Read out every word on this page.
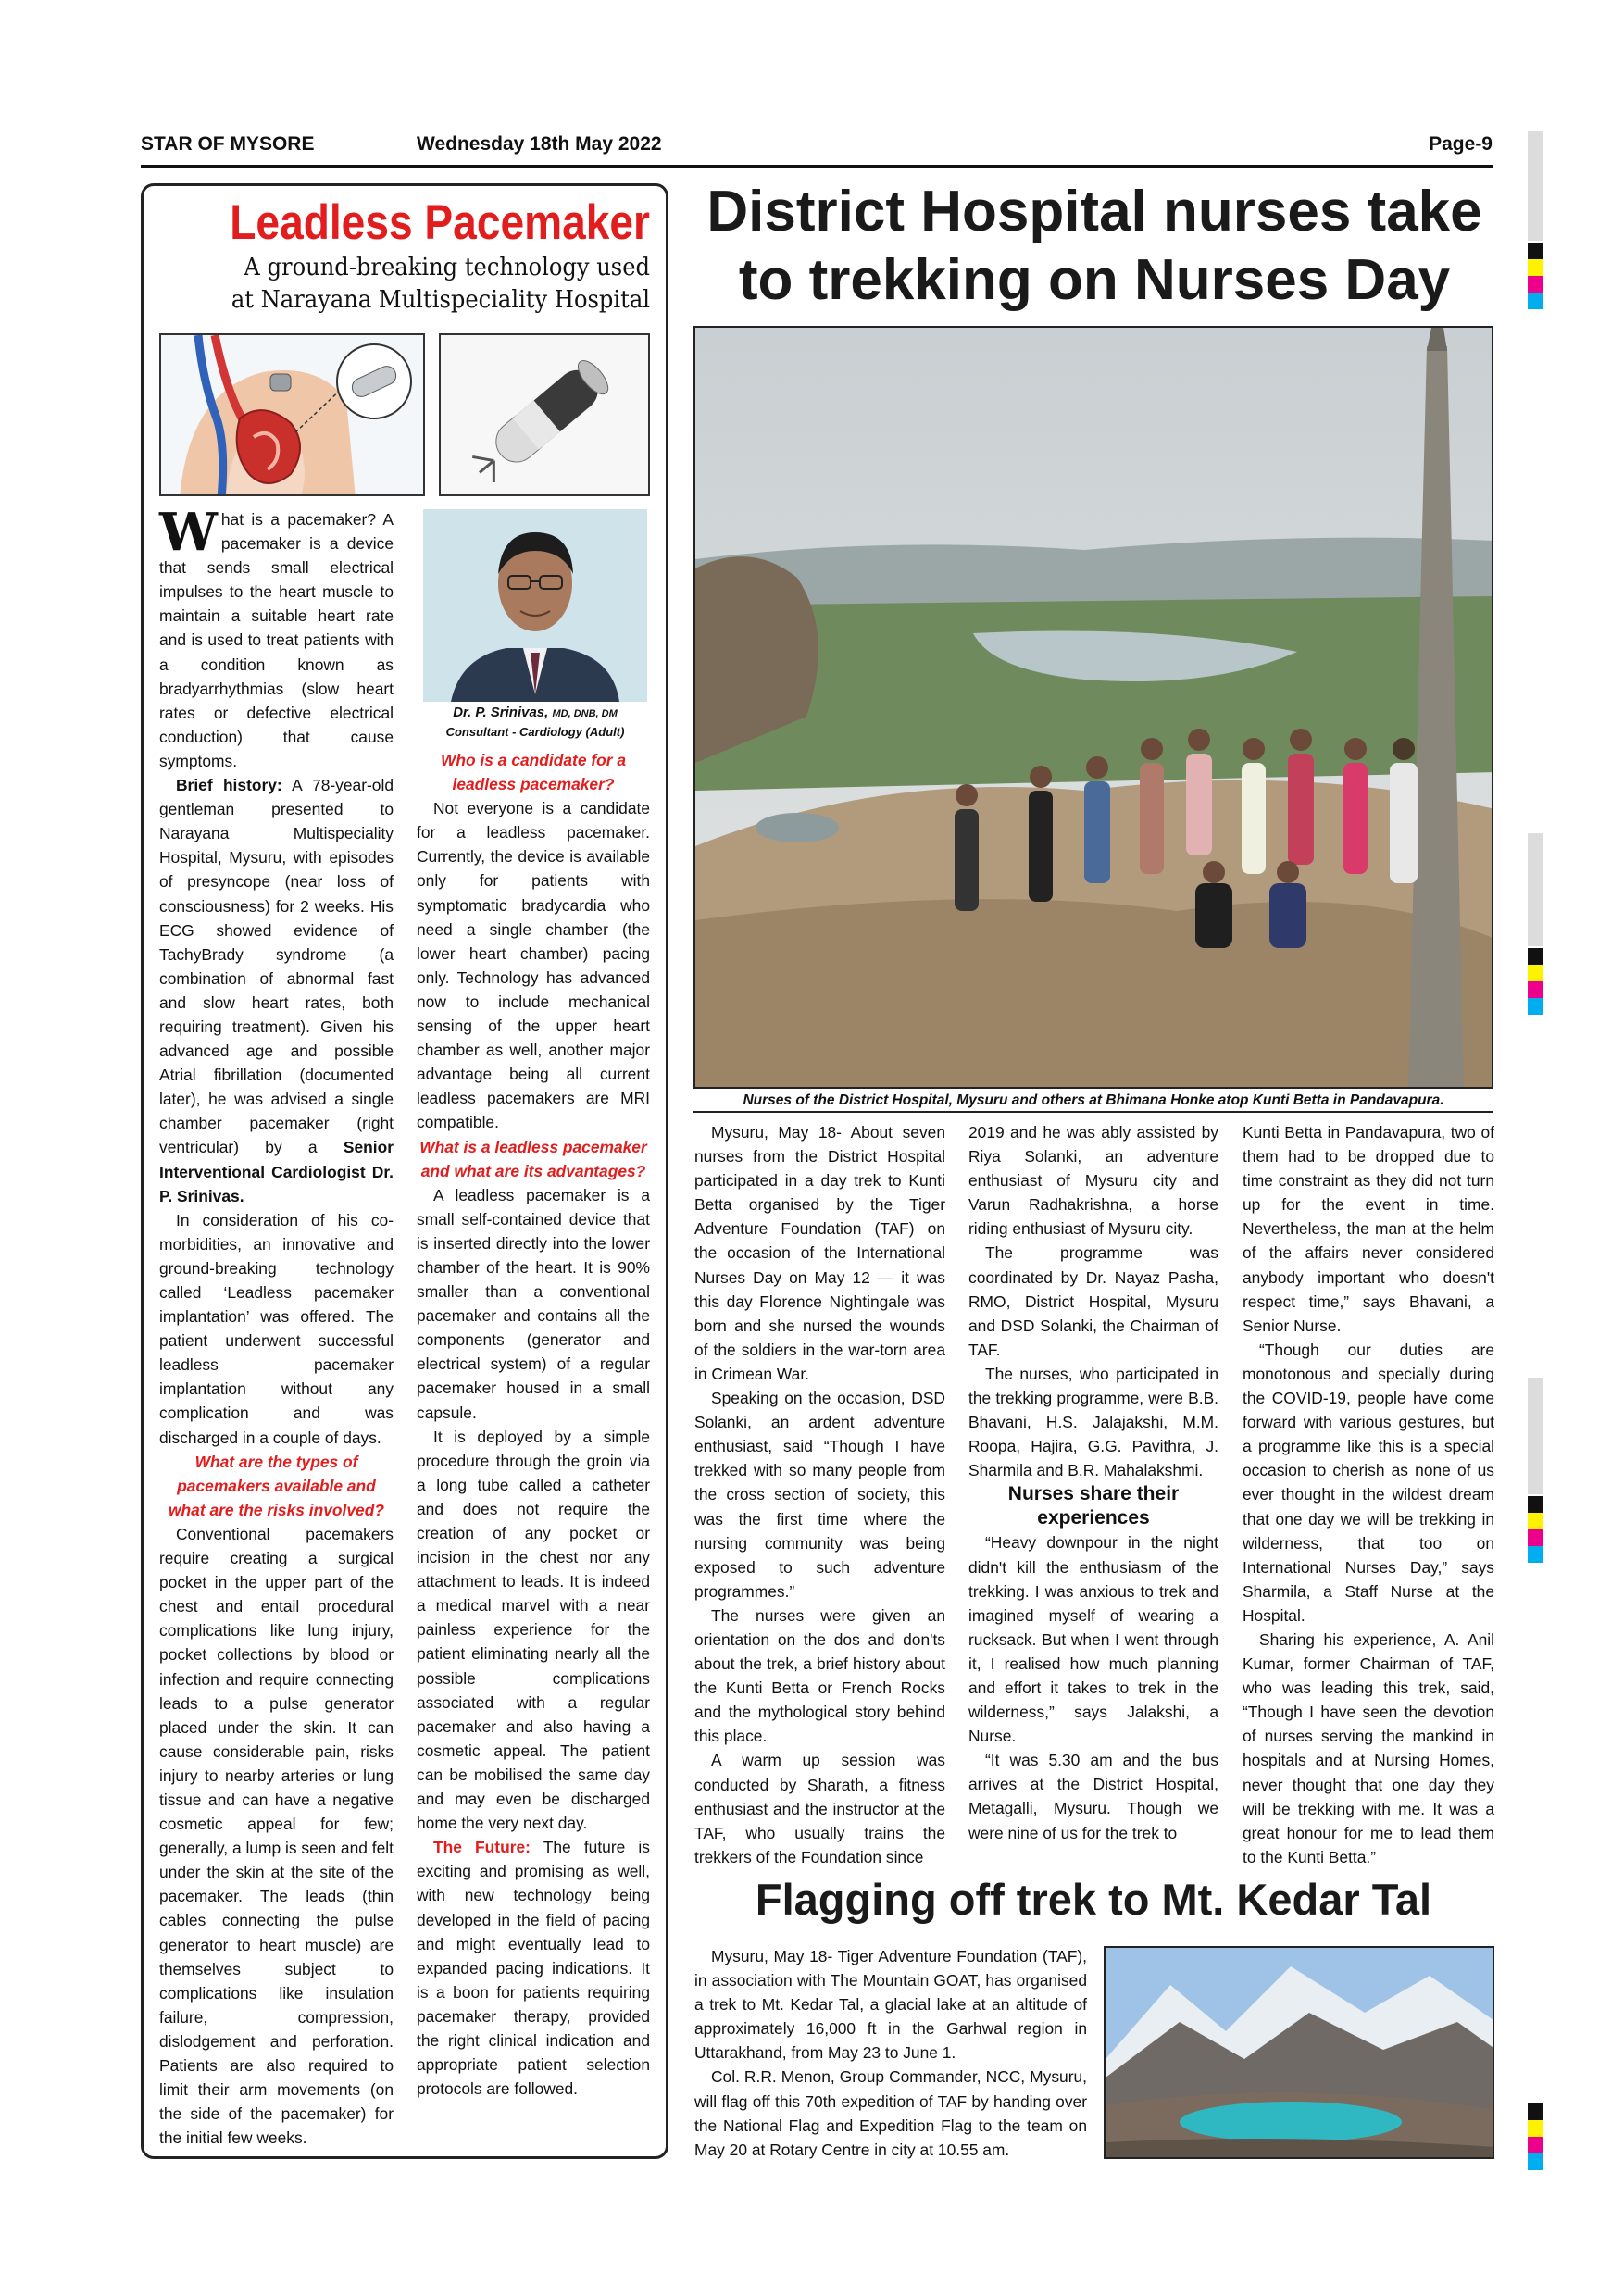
STAR OF MYSORE	Wednesday 18th May 2022	Page-9
Leadless Pacemaker
A ground-breaking technology used
at Narayana Multispeciality Hospital
Dr. P. Srinivas, MD, DNB, DM
Consultant - Cardiology (Adult)

What is a pacemaker? A pacemaker is a device that sends small electrical impulses to the heart muscle to maintain a suitable heart rate and is used to treat patients with a condition known as bradyarrhythmias (slow heart rates or defective electrical conduction) that cause symptoms.

Brief history: A 78-year-old gentleman presented to Narayana Multispeciality Hospital, Mysuru, with episodes of presyncope (near loss of consciousness) for 2 weeks. His ECG showed evidence of TachyBrady syndrome (a combination of abnormal fast and slow heart rates, both requiring treatment). Given his advanced age and possible Atrial fibrillation (documented later), he was advised a single chamber pacemaker (right ventricular) by a Senior Interventional Cardiologist Dr. P. Srinivas.

In consideration of his co-morbidities, an innovative and ground-breaking technology called ‘Leadless pacemaker implantation’ was offered. The patient underwent successful leadless pacemaker implantation without any complication and was discharged in a couple of days.

What are the types of pacemakers available and what are the risks involved?

Conventional pacemakers require creating a surgical pocket in the upper part of the chest and entail procedural complications like lung injury, pocket collections by blood or infection and require connecting leads to a pulse generator placed under the skin. It can cause considerable pain, risks injury to nearby arteries or lung tissue and can have a negative cosmetic appeal for few; generally, a lump is seen and felt under the skin at the site of the pacemaker. The leads (thin cables connecting the pulse generator to heart muscle) are themselves subject to complications like insulation failure, compression, dislodgement and perforation. Patients are also required to limit their arm movements (on the side of the pacemaker) for the initial few weeks.

Who is a candidate for a leadless pacemaker?

Not everyone is a candidate for a leadless pacemaker. Currently, the device is available only for patients with symptomatic bradycardia who need a single chamber (the lower heart chamber) pacing only. Technology has advanced now to include mechanical sensing of the upper heart chamber as well, another major advantage being all current leadless pacemakers are MRI compatible.

What is a leadless pacemaker and what are its advantages?

A leadless pacemaker is a small self-contained device that is inserted directly into the lower chamber of the heart. It is 90% smaller than a conventional pacemaker and contains all the components (generator and electrical system) of a regular pacemaker housed in a small capsule.

It is deployed by a simple procedure through the groin via a long tube called a catheter and does not require the creation of any pocket or incision in the chest nor any attachment to leads. It is indeed a medical marvel with a near painless experience for the patient eliminating nearly all the possible complications associated with a regular pacemaker and also having a cosmetic appeal. The patient can be mobilised the same day and may even be discharged home the very next day.

The Future: The future is exciting and promising as well, with new technology being developed in the field of pacing and might eventually lead to expanded pacing indications. It is a boon for patients requiring pacemaker therapy, provided the right clinical indication and appropriate patient selection protocols are followed.

District Hospital nurses take
to trekking on Nurses Day
Nurses of the District Hospital, Mysuru and others at Bhimana Honke atop Kunti Betta in Pandavapura.

Mysuru, May 18- About seven nurses from the District Hospital participated in a day trek to Kunti Betta organised by the Tiger Adventure Foundation (TAF) on the occasion of the International Nurses Day on May 12 — it was this day Florence Nightingale was born and she nursed the wounds of the soldiers in the war-torn area in Crimean War.

Speaking on the occasion, DSD Solanki, an ardent adventure enthusiast, said “Though I have trekked with so many people from the cross section of society, this was the first time where the nursing community was being exposed to such adventure programmes.”

The nurses were given an orientation on the dos and don'ts about the trek, a brief history about the Kunti Betta or French Rocks and the mythological story behind this place.

A warm up session was conducted by Sharath, a fitness enthusiast and the instructor at the TAF, who usually trains the trekkers of the Foundation since

2019 and he was ably assisted by Riya Solanki, an adventure enthusiast of Mysuru city and Varun Radhakrishna, a horse riding enthusiast of Mysuru city.

The programme was coordinated by Dr. Nayaz Pasha, RMO, District Hospital, Mysuru and DSD Solanki, the Chairman of TAF.

The nurses, who participated in the trekking programme, were B.B. Bhavani, H.S. Jalajakshi, M.M. Roopa, Hajira, G.G. Pavithra, J. Sharmila and B.R. Mahalakshmi.

Nurses share their experiences

“Heavy downpour in the night didn't kill the enthusiasm of the trekking. I was anxious to trek and imagined myself of wearing a rucksack. But when I went through it, I realised how much planning and effort it takes to trek in the wilderness,” says Jalakshi, a Nurse.

“It was 5.30 am and the bus arrives at the District Hospital, Metagalli, Mysuru. Though we were nine of us for the trek to

Kunti Betta in Pandavapura, two of them had to be dropped due to time constraint as they did not turn up for the event in time. Nevertheless, the man at the helm of the affairs never considered anybody important who doesn't respect time,” says Bhavani, a Senior Nurse.

“Though our duties are monotonous and specially during the COVID-19, people have come forward with various gestures, but a programme like this is a special occasion to cherish as none of us ever thought in the wildest dream that one day we will be trekking in wilderness, that too on International Nurses Day,” says Sharmila, a Staff Nurse at the Hospital.

Sharing his experience, A. Anil Kumar, former Chairman of TAF, who was leading this trek, said, “Though I have seen the devotion of nurses serving the mankind in hospitals and at Nursing Homes, never thought that one day they will be trekking with me. It was a great honour for me to lead them to the Kunti Betta.”

Flagging off trek to Mt. Kedar Tal

Mysuru, May 18- Tiger Adventure Foundation (TAF), in association with The Mountain GOAT, has organised a trek to Mt. Kedar Tal, a glacial lake at an altitude of approximately 16,000 ft in the Garhwal region in Uttarakhand, from May 23 to June 1.

Col. R.R. Menon, Group Commander, NCC, Mysuru, will flag off this 70th expedition of TAF by handing over the National Flag and Expedition Flag to the team on May 20 at Rotary Centre in city at 10.55 am.
